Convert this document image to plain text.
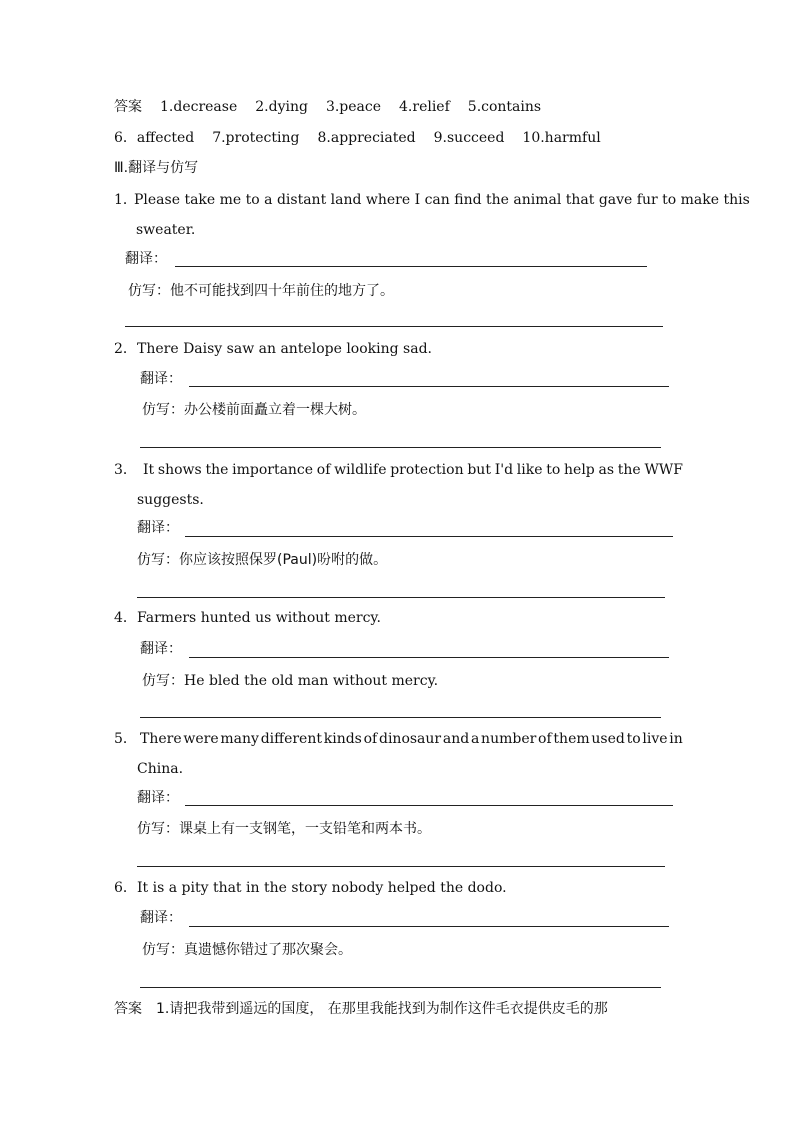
答案 1.decrease 2.dying 3.peace 4.relief 5.contains
6．affected 7.protecting 8.appreciated 9.succeed 10.harmful
Ⅲ.翻译与仿写
1．
Please take me to a distant land where I can find the animal that gave fur to make this
sweater.
翻译：
仿写：他不可能找到四十年前住的地方了。
2． There Daisy saw an antelope looking sad.
翻译：
仿写：办公楼前面矗立着一棵大树。
3． It shows the importance of wildlife protection but I'd like to help as the WWF
suggests.
翻译：
仿写：你应该按照保罗(Paul)吩咐的做。
4． Farmers hunted us without mercy.
翻译：
仿写：He bled the old man without mercy.
5． There were many different kinds of dinosaur and a number of them used to live in
China.
翻译：
仿写：课桌上有一支钢笔，一支铅笔和两本书。
6． It is a pity that in the story nobody helped the dodo.
翻译：
仿写：真遗憾你错过了那次聚会。
答案 1.请把我带到遥远的国度， 在那里我能找到为制作这件毛衣提供皮毛的那
